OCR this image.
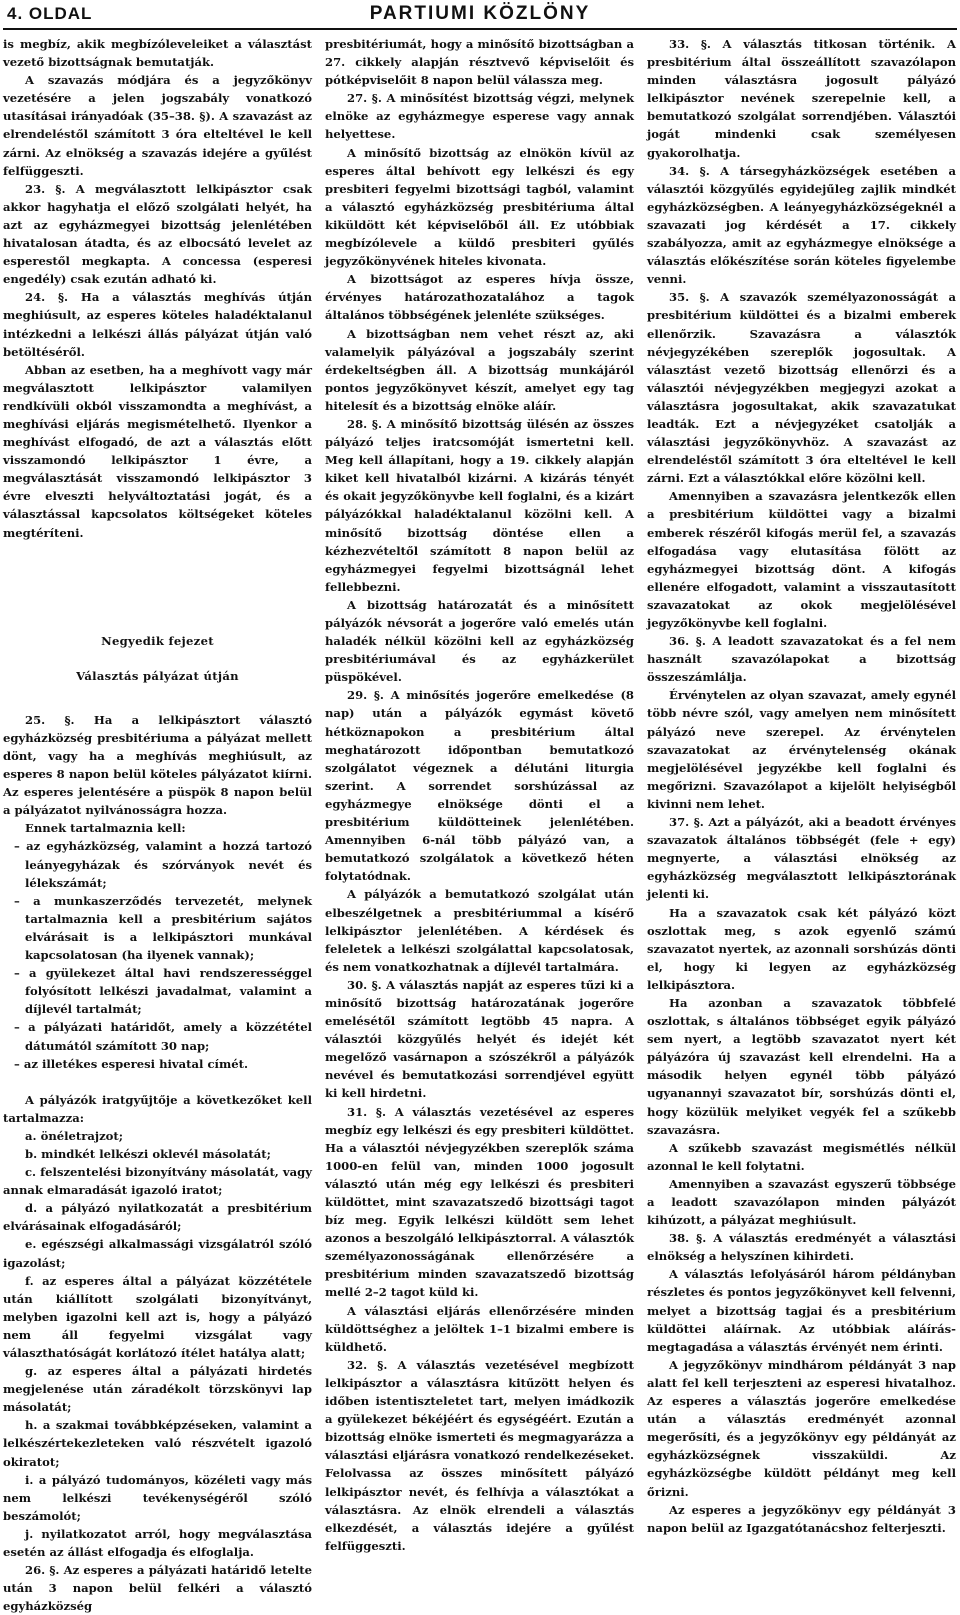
4. OLDAL	PARTIUMI KÖZLÖNY

is megbíz, akik megbízóleveleiket a választást vezető bizottságnak bemutatják.

A szavazás módjára és a jegyzőkönyv vezetésére a jelen jogszabály vonatkozó utasításai irányadóak (35–38. §). A szavazást az elrendeléstől számított 3 óra elteltével le kell zárni. Az elnökség a szavazás idejére a gyűlést felfüggeszti.

23. §. A megválasztott lelkipásztor csak akkor hagyhatja el előző szolgálati helyét, ha azt az egyházmegyei bizottság jelenlétében hivatalosan átadta, és az elbocsátó levelet az esperestől megkapta. A concessa (esperesi engedély) csak ezután adható ki.

24. §. Ha a választás meghívás útján meghiúsult, az esperes köteles haladéktalanul intézkedni a lelkészi állás pályázat útján való betöltéséről.

Abban az esetben, ha a meghívott vagy már megválasztott lelkipásztor valamilyen rendkívüli okból visszamondta a meghívást, a meghívási eljárás megismételhető. Ilyenkor a meghívást elfogadó, de azt a választás előtt visszamondó lelkipásztor 1 évre, a megválasztását visszamondó lelkipásztor 3 évre elveszti helyváltoztatási jogát, és a választással kapcsolatos költségeket köteles megtéríteni.

Negyedik fejezet
Választás pályázat útján

25. §. Ha a lelkipásztort választó egyházközség presbitériuma a pályázat mellett dönt, vagy ha a meghívás meghiúsult, az esperes 8 napon belül köteles pályázatot kiírni. Az esperes jelentésére a püspök 8 napon belül a pályázatot nyilvánosságra hozza.

Ennek tartalmaznia kell:

– az egyházközség, valamint a hozzá tartozó leányegyházak és szórványok nevét és lélekszámát;

– a munkaszerződés tervezetét, melynek tartalmaznia kell a presbitérium sajátos elvárásait is a lelkipásztori munkával kapcsolatosan (ha ilyenek vannak);

– a gyülekezet által havi rendszerességgel folyósított lelkészi javadalmat, valamint a díjlevél tartalmát;

– a pályázati határidőt, amely a közzététel dátumától számított 30 nap;

– az illetékes esperesi hivatal címét.

A pályázók iratgyűjtője a következőket kell tartalmazza:

a. önéletrajzot;

b. mindkét lelkészi oklevél másolatát;

c. felszentelési bizonyítvány másolatát, vagy annak elmaradását igazoló iratot;

d. a pályázó nyilatkozatát a presbitérium elvárásainak elfogadásáról;

e. egészségi alkalmassági vizsgálatról szóló igazolást;

f. az esperes által a pályázat közzététele után kiállított szolgálati bizonyítványt, melyben igazolni kell azt is, hogy a pályázó nem áll fegyelmi vizsgálat vagy választhatóságát korlátozó ítélet hatálya alatt;

g. az esperes által a pályázati hirdetés megjelenése után záradékolt törzskönyvi lap másolatát;

h. a szakmai továbbképzéseken, valamint a lelkészértekezleteken való részvételt igazoló okiratot;

i. a pályázó tudományos, közéleti vagy más nem lelkészi tevékenységéről szóló beszámolót;

j. nyilatkozatot arról, hogy megválasztása esetén az állást elfogadja és elfoglalja.

26. §. Az esperes a pályázati határidő letelte után 3 napon belül felkéri a választó egyházközség

presbitériumát, hogy a minősítő bizottságban a 27. cikkely alapján résztvevő képviselőit és pótképviselőit 8 napon belül válassza meg.

27. §. A minősítést bizottság végzi, melynek elnöke az egyházmegye esperese vagy annak helyettese.

A minősítő bizottság az elnökön kívül az esperes által behívott egy lelkészi és egy presbiteri fegyelmi bizottsági tagból, valamint a választó egyházközség presbitériuma által kiküldött két képviselőből áll. Ez utóbbiak megbízólevele a küldő presbiteri gyűlés jegyzőkönyvének hiteles kivonata.

A bizottságot az esperes hívja össze, érvényes határozathozatalához a tagok általános többségének jelenléte szükséges.

A bizottságban nem vehet részt az, aki valamelyik pályázóval a jogszabály szerint érdekeltségben áll. A bizottság munkájáról pontos jegyzőkönyvet készít, amelyet egy tag hitelesít és a bizottság elnöke aláír.

28. §. A minősítő bizottság ülésén az összes pályázó teljes iratcsomóját ismertetni kell. Meg kell állapítani, hogy a 19. cikkely alapján kiket kell hivatalból kizárni. A kizárás tényét és okait jegyzőkönyvbe kell foglalni, és a kizárt pályázókkal haladéktalanul közölni kell. A minősítő bizottság döntése ellen a kézhezvételtől számított 8 napon belül az egyházmegyei fegyelmi bizottságnál lehet fellebbezni.

A bizottság határozatát és a minősített pályázók névsorát a jogerőre való emelés után haladék nélkül közölni kell az egyházközség presbitériumával és az egyházkerület püspökével.

29. §. A minősítés jogerőre emelkedése (8 nap) után a pályázók egymást követő hétköznapokon a presbitérium által meghatározott időpontban bemutatkozó szolgálatot végeznek a délutáni liturgia szerint. A sorrendet sorshúzással az egyházmegye elnöksége dönti el a presbitérium küldötteinek jelenlétében. Amennyiben 6-nál több pályázó van, a bemutatkozó szolgálatok a következő héten folytatódnak.

A pályázók a bemutatkozó szolgálat után elbeszélgetnek a presbitériummal a kísérő lelkipásztor jelenlétében. A kérdések és feleletek a lelkészi szolgálattal kapcsolatosak, és nem vonatkozhatnak a díjlevél tartalmára.

30. §. A választás napját az esperes tűzi ki a minősítő bizottság határozatának jogerőre emelésétől számított legtöbb 45 napra. A választói közgyűlés helyét és idejét két megelőző vasárnapon a szószékről a pályázók nevével és bemutatkozási sorrendjével együtt ki kell hirdetni.

31. §. A választás vezetésével az esperes megbíz egy lelkészi és egy presbiteri küldöttet. Ha a választói névjegyzékben szereplők száma 1000-en felül van, minden 1000 jogosult választó után még egy lelkészi és presbiteri küldöttet, mint szavazatszedő bizottsági tagot bíz meg. Egyik lelkészi küldött sem lehet azonos a beszolgáló lelkipásztorral. A választók személyazonosságának ellenőrzésére a presbitérium minden szavazatszedő bizottság mellé 2–2 tagot küld ki.

A választási eljárás ellenőrzésére minden küldöttséghez a jelöltek 1–1 bizalmi embere is küldhető.

32. §. A választás vezetésével megbízott lelkipásztor a választásra kitűzött helyen és időben istentiszteletet tart, melyen imádkozik a gyülekezet békéjéért és egységéért. Ezután a bizottság elnöke ismerteti és megmagyarázza a választási eljárásra vonatkozó rendelkezéseket. Felolvassa az összes minősített pályázó lelkipásztor nevét, és felhívja a választókat a választásra. Az elnök elrendeli a választás elkezdését, a választás idejére a gyűlést felfüggeszti.

33. §. A választás titkosan történik. A presbitérium által összeállított szavazólapon minden választásra jogosult pályázó lelkipásztor nevének szerepelnie kell, a bemutatkozó szolgálat sorrendjében. Választói jogát mindenki csak személyesen gyakorolhatja.

34. §. A társegyházközségek esetében a választói közgyűlés egyidejűleg zajlik mindkét egyházközségben. A leányegyházközségeknél a szavazati jog kérdését a 17. cikkely szabályozza, amit az egyházmegye elnöksége a választás előkészítése során köteles figyelembe venni.

35. §. A szavazók személyazonosságát a presbitérium küldöttei és a bizalmi emberek ellenőrzik. Szavazásra a választók névjegyzékében szereplők jogosultak. A választást vezető bizottság ellenőrzi és a választói névjegyzékben megjegyzi azokat a választásra jogosultakat, akik szavazatukat leadták. Ezt a névjegyzéket csatolják a választási jegyzőkönyvhöz. A szavazást az elrendeléstől számított 3 óra elteltével le kell zárni. Ezt a választókkal előre közölni kell.

Amennyiben a szavazásra jelentkezők ellen a presbitérium küldöttei vagy a bizalmi emberek részéről kifogás merül fel, a szavazás elfogadása vagy elutasítása fölött az egyházmegyei bizottság dönt. A kifogás ellenére elfogadott, valamint a visszautasított szavazatokat az okok megjelölésével jegyzőkönyvbe kell foglalni.

36. §. A leadott szavazatokat és a fel nem használt szavazólapokat a bizottság összeszámlálja.

Érvénytelen az olyan szavazat, amely egynél több névre szól, vagy amelyen nem minősített pályázó neve szerepel. Az érvénytelen szavazatokat az érvénytelenség okának megjelölésével jegyzékbe kell foglalni és megőrizni. Szavazólapot a kijelölt helyiségből kivinni nem lehet.

37. §. Azt a pályázót, aki a beadott érvényes szavazatok általános többségét (fele + egy) megnyerte, a választási elnökség az egyházközség megválasztott lelkipásztorának jelenti ki.

Ha a szavazatok csak két pályázó közt oszlottak meg, s azok egyenlő számú szavazatot nyertek, az azonnali sorshúzás dönti el, hogy ki legyen az egyházközség lelkipásztora.

Ha azonban a szavazatok többfelé oszlottak, s általános többséget egyik pályázó sem nyert, a legtöbb szavazatot nyert két pályázóra új szavazást kell elrendelni. Ha a második helyen egynél több pályázó ugyanannyi szavazatot bír, sorshúzás dönti el, hogy közülük melyiket vegyék fel a szűkebb szavazásra.

A szűkebb szavazást megismétlés nélkül azonnal le kell folytatni.

Amennyiben a szavazást egyszerű többsége a leadott szavazólapon minden pályázót kihúzott, a pályázat meghiúsult.

38. §. A választás eredményét a választási elnökség a helyszínen kihirdeti.

A választás lefolyásáról három példányban részletes és pontos jegyzőkönyvet kell felvenni, melyet a bizottság tagjai és a presbitérium küldöttei aláírnak. Az utóbbiak aláírás-megtagadása a választás érvényét nem érinti.

A jegyzőkönyv mindhárom példányát 3 nap alatt fel kell terjeszteni az esperesi hivatalhoz. Az esperes a választás jogerőre emelkedése után a választás eredményét azonnal megerősíti, és a jegyzőkönyv egy példányát az egyházközségnek visszaküldi. Az egyházközségbe küldött példányt meg kell őrizni.

Az esperes a jegyzőkönyv egy példányát 3 napon belül az Igazgatótanácshoz felterjeszti.
